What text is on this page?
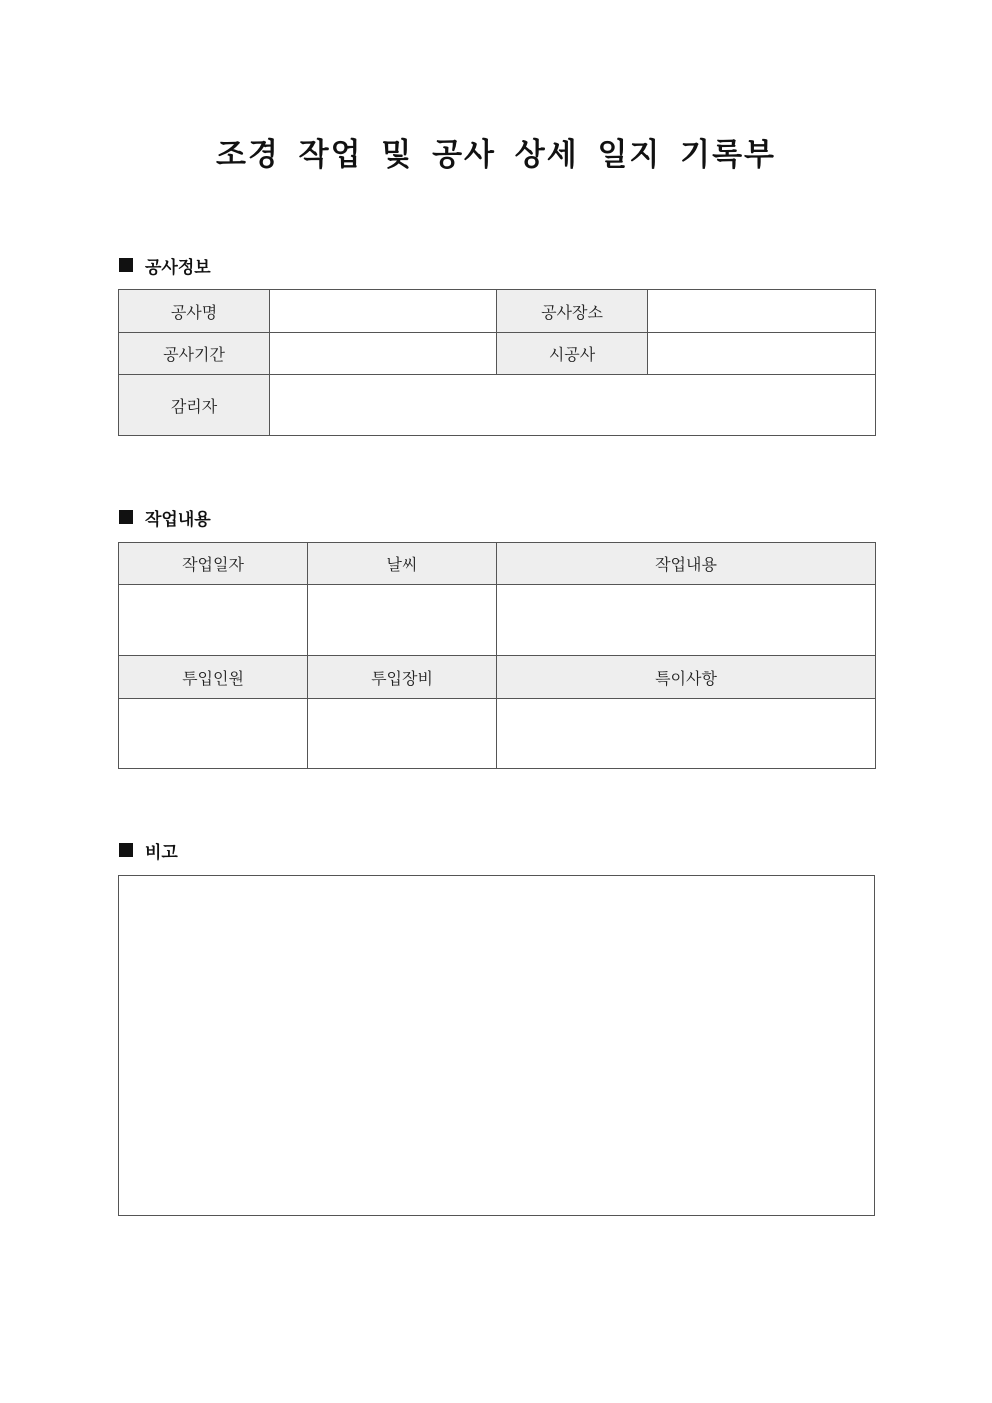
조경 작업 및 공사 상세 일지 기록부
공사정보
공사명		공사장소	
공사기간		시공사	
감리자			
작업내용
작업일자	날씨	작업내용

투입인원	투입장비	특이사항

비고
